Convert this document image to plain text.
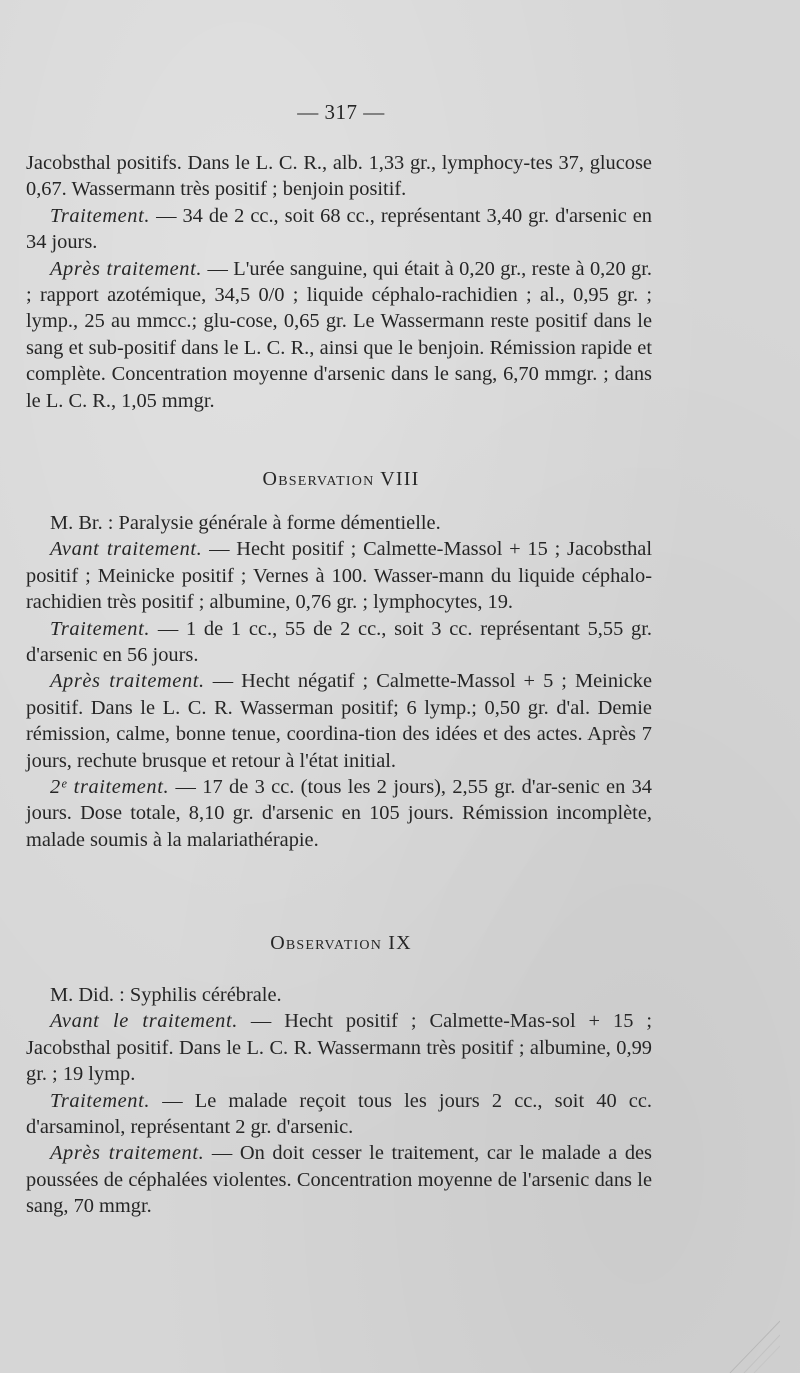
— 317 —

Jacobsthal positifs. Dans le L. C. R., alb. 1,33 gr., lymphocy-tes 37, glucose 0,67. Wassermann très positif ; benjoin positif.

Traitement. — 34 de 2 cc., soit 68 cc., représentant 3,40 gr. d'arsenic en 34 jours.

Après traitement. — L'urée sanguine, qui était à 0,20 gr., reste à 0,20 gr. ; rapport azotémique, 34,5 0/0 ; liquide céphalo-rachidien ; al., 0,95 gr. ; lymp., 25 au mmcc.; glu-cose, 0,65 gr. Le Wassermann reste positif dans le sang et sub-positif dans le L. C. R., ainsi que le benjoin. Rémission rapide et complète. Concentration moyenne d'arsenic dans le sang, 6,70 mmgr. ; dans le L. C. R., 1,05 mmgr.

Observation VIII

M. Br. : Paralysie générale à forme démentielle.

Avant traitement. — Hecht positif ; Calmette-Massol + 15 ; Jacobsthal positif ; Meinicke positif ; Vernes à 100. Wasser-mann du liquide céphalo-rachidien très positif ; albumine, 0,76 gr. ; lymphocytes, 19.

Traitement. — 1 de 1 cc., 55 de 2 cc., soit 3 cc. représentant 5,55 gr. d'arsenic en 56 jours.

Après traitement. — Hecht négatif ; Calmette-Massol + 5 ; Meinicke positif. Dans le L. C. R. Wasserman positif; 6 lymp.; 0,50 gr. d'al. Demie rémission, calme, bonne tenue, coordina-tion des idées et des actes. Après 7 jours, rechute brusque et retour à l'état initial.

2ᵉ traitement. — 17 de 3 cc. (tous les 2 jours), 2,55 gr. d'ar-senic en 34 jours. Dose totale, 8,10 gr. d'arsenic en 105 jours. Rémission incomplète, malade soumis à la malariathérapie.

Observation IX

M. Did. : Syphilis cérébrale.

Avant le traitement. — Hecht positif ; Calmette-Mas-sol + 15 ; Jacobsthal positif. Dans le L. C. R. Wassermann très positif ; albumine, 0,99 gr. ; 19 lymp.

Traitement. — Le malade reçoit tous les jours 2 cc., soit 40 cc. d'arsaminol, représentant 2 gr. d'arsenic.

Après traitement. — On doit cesser le traitement, car le malade a des poussées de céphalées violentes. Concentration moyenne de l'arsenic dans le sang, 70 mmgr.
